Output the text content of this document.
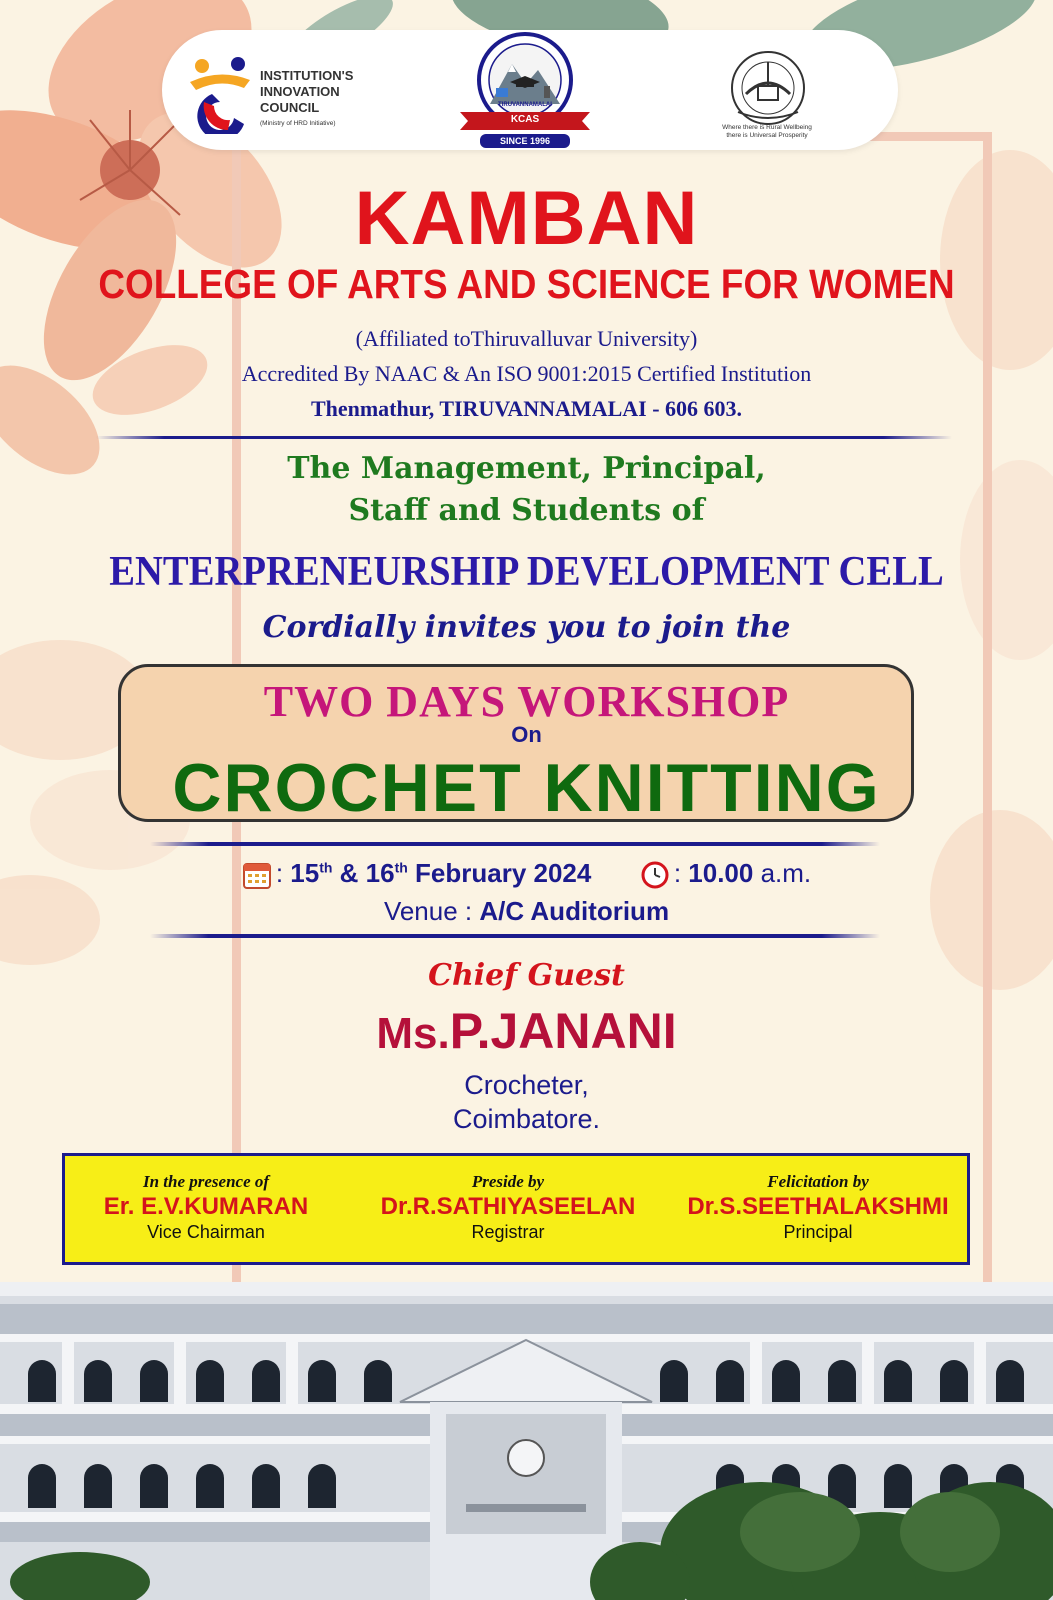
INSTITUTION'S
INNOVATION
COUNCIL
(Ministry of HRD Initiative)	KCAS
TIRUVANNAMALAI
SINCE 1996
Where there is Rural Wellbeing
there is Universal Prosperity
KAMBAN
COLLEGE OF ARTS AND SCIENCE FOR WOMEN
(Affiliated toThiruvalluvar University)
Accredited By NAAC & An ISO 9001:2015 Certified Institution
Thenmathur, TIRUVANNAMALAI - 606 603.
The Management, Principal,
Staff and Students of
ENTERPRENEURSHIP DEVELOPMENT CELL
Cordially invites you to join the
TWO DAYS WORKSHOP
On
CROCHET KNITTING
: 15th & 16th February 2024	: 10.00 a.m.
Venue : A/C Auditorium
Chief Guest
Ms.P.JANANI
Crocheter,
Coimbatore.
In the presence of
Er. E.V.KUMARAN
Vice Chairman
Preside by
Dr.R.SATHIYASEELAN
Registrar
Felicitation by
Dr.S.SEETHALAKSHMI
Principal
